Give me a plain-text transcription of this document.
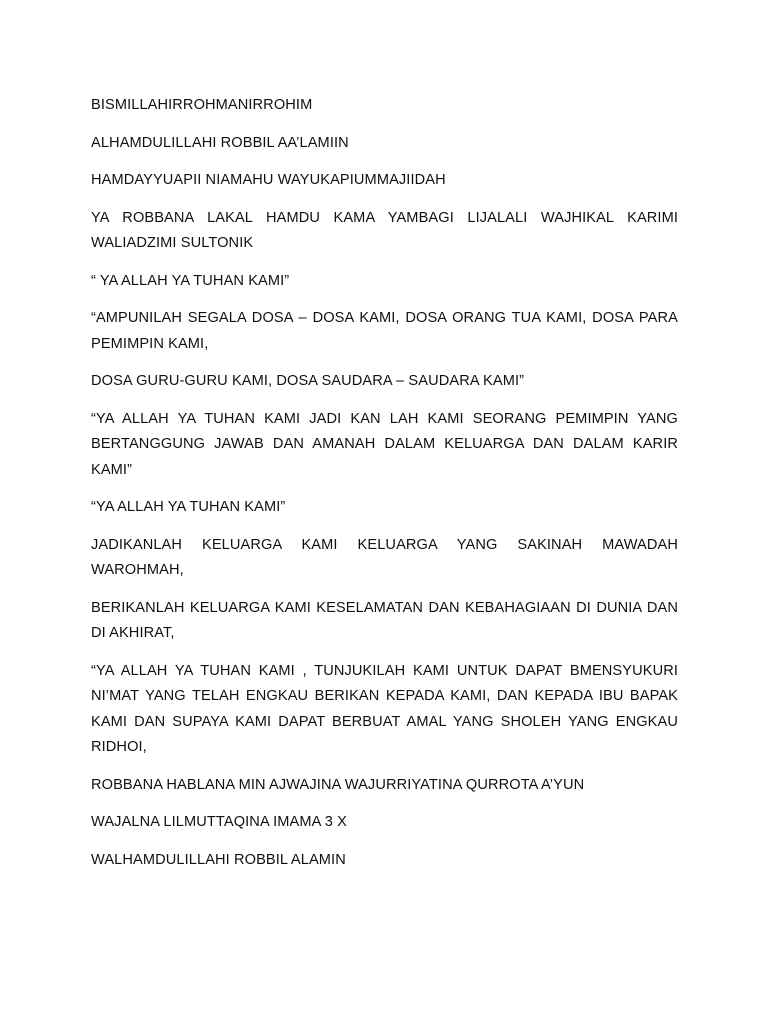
BISMILLAHIRROHMANIRROHIM

ALHAMDULILLAHI ROBBIL AA’LAMIIN

HAMDAYYUAPII NIAMAHU WAYUKAPIUMMAJIIDAH

YA ROBBANA LAKAL HAMDU KAMA YAMBAGI LIJALALI WAJHIKAL KARIMI WALIADZIMI SULTONIK

“ YA ALLAH YA TUHAN KAMI”

“AMPUNILAH SEGALA DOSA – DOSA KAMI, DOSA ORANG TUA KAMI, DOSA PARA PEMIMPIN KAMI,

DOSA GURU-GURU KAMI, DOSA SAUDARA – SAUDARA KAMI”

“YA ALLAH YA TUHAN KAMI JADI KAN LAH KAMI SEORANG PEMIMPIN YANG BERTANGGUNG JAWAB DAN AMANAH DALAM KELUARGA DAN DALAM KARIR KAMI”

“YA ALLAH YA TUHAN KAMI”

JADIKANLAH KELUARGA KAMI KELUARGA YANG SAKINAH MAWADAH WAROHMAH,

BERIKANLAH KELUARGA KAMI KESELAMATAN DAN KEBAHAGIAAN DI DUNIA DAN DI AKHIRAT,

“YA ALLAH YA TUHAN KAMI , TUNJUKILAH KAMI UNTUK DAPAT BMENSYUKURI NI’MAT YANG TELAH ENGKAU BERIKAN KEPADA KAMI, DAN KEPADA IBU BAPAK KAMI DAN SUPAYA KAMI DAPAT BERBUAT AMAL YANG SHOLEH YANG ENGKAU RIDHOI,

ROBBANA HABLANA MIN AJWAJINA WAJURRIYATINA QURROTA A’YUN

WAJALNA LILMUTTAQINA IMAMA 3 X

WALHAMDULILLAHI ROBBIL ALAMIN
